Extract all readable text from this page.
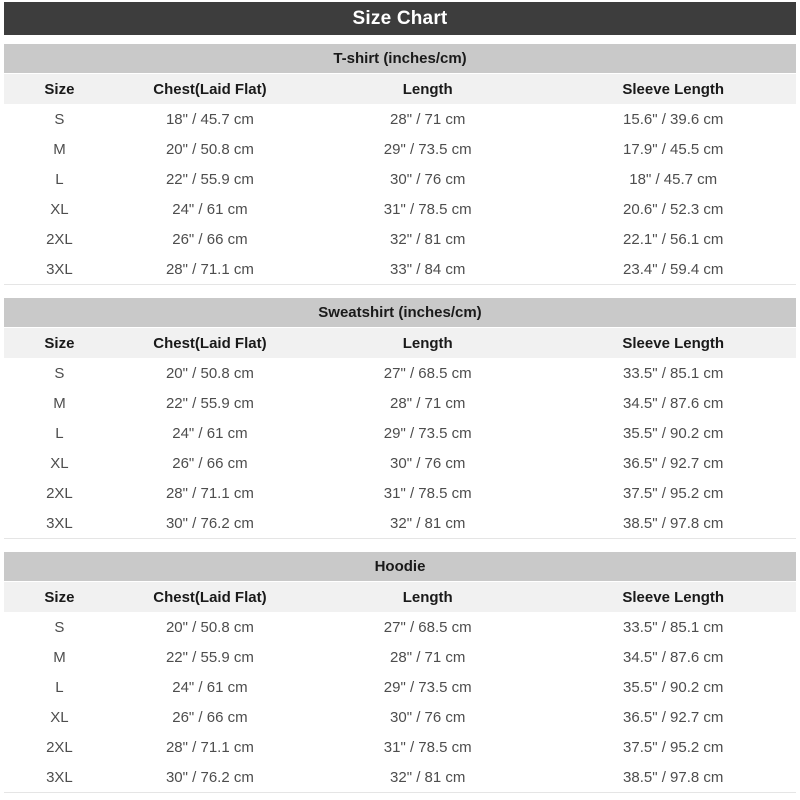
Size Chart
T-shirt (inches/cm)
Size	Chest(Laid Flat)	Length	Sleeve Length
S	18" / 45.7 cm	28" / 71 cm	15.6" / 39.6 cm
M	20" / 50.8 cm	29" / 73.5 cm	17.9" / 45.5 cm
L	22" / 55.9 cm	30" / 76 cm	18" / 45.7 cm
XL	24" / 61 cm	31" / 78.5 cm	20.6" / 52.3 cm
2XL	26" / 66 cm	32" / 81 cm	22.1" / 56.1 cm
3XL	28" / 71.1 cm	33" / 84 cm	23.4" / 59.4 cm
Sweatshirt (inches/cm)
Size	Chest(Laid Flat)	Length	Sleeve Length
S	20" / 50.8 cm	27" / 68.5 cm	33.5" / 85.1 cm
M	22" / 55.9 cm	28" / 71 cm	34.5" / 87.6 cm
L	24" / 61 cm	29" / 73.5 cm	35.5" / 90.2 cm
XL	26" / 66 cm	30" / 76 cm	36.5" / 92.7 cm
2XL	28" / 71.1 cm	31" / 78.5 cm	37.5" / 95.2 cm
3XL	30" / 76.2 cm	32" / 81 cm	38.5" / 97.8 cm
Hoodie
Size	Chest(Laid Flat)	Length	Sleeve Length
S	20" / 50.8 cm	27" / 68.5 cm	33.5" / 85.1 cm
M	22" / 55.9 cm	28" / 71 cm	34.5" / 87.6 cm
L	24" / 61 cm	29" / 73.5 cm	35.5" / 90.2 cm
XL	26" / 66 cm	30" / 76 cm	36.5" / 92.7 cm
2XL	28" / 71.1 cm	31" / 78.5 cm	37.5" / 95.2 cm
3XL	30" / 76.2 cm	32" / 81 cm	38.5" / 97.8 cm
